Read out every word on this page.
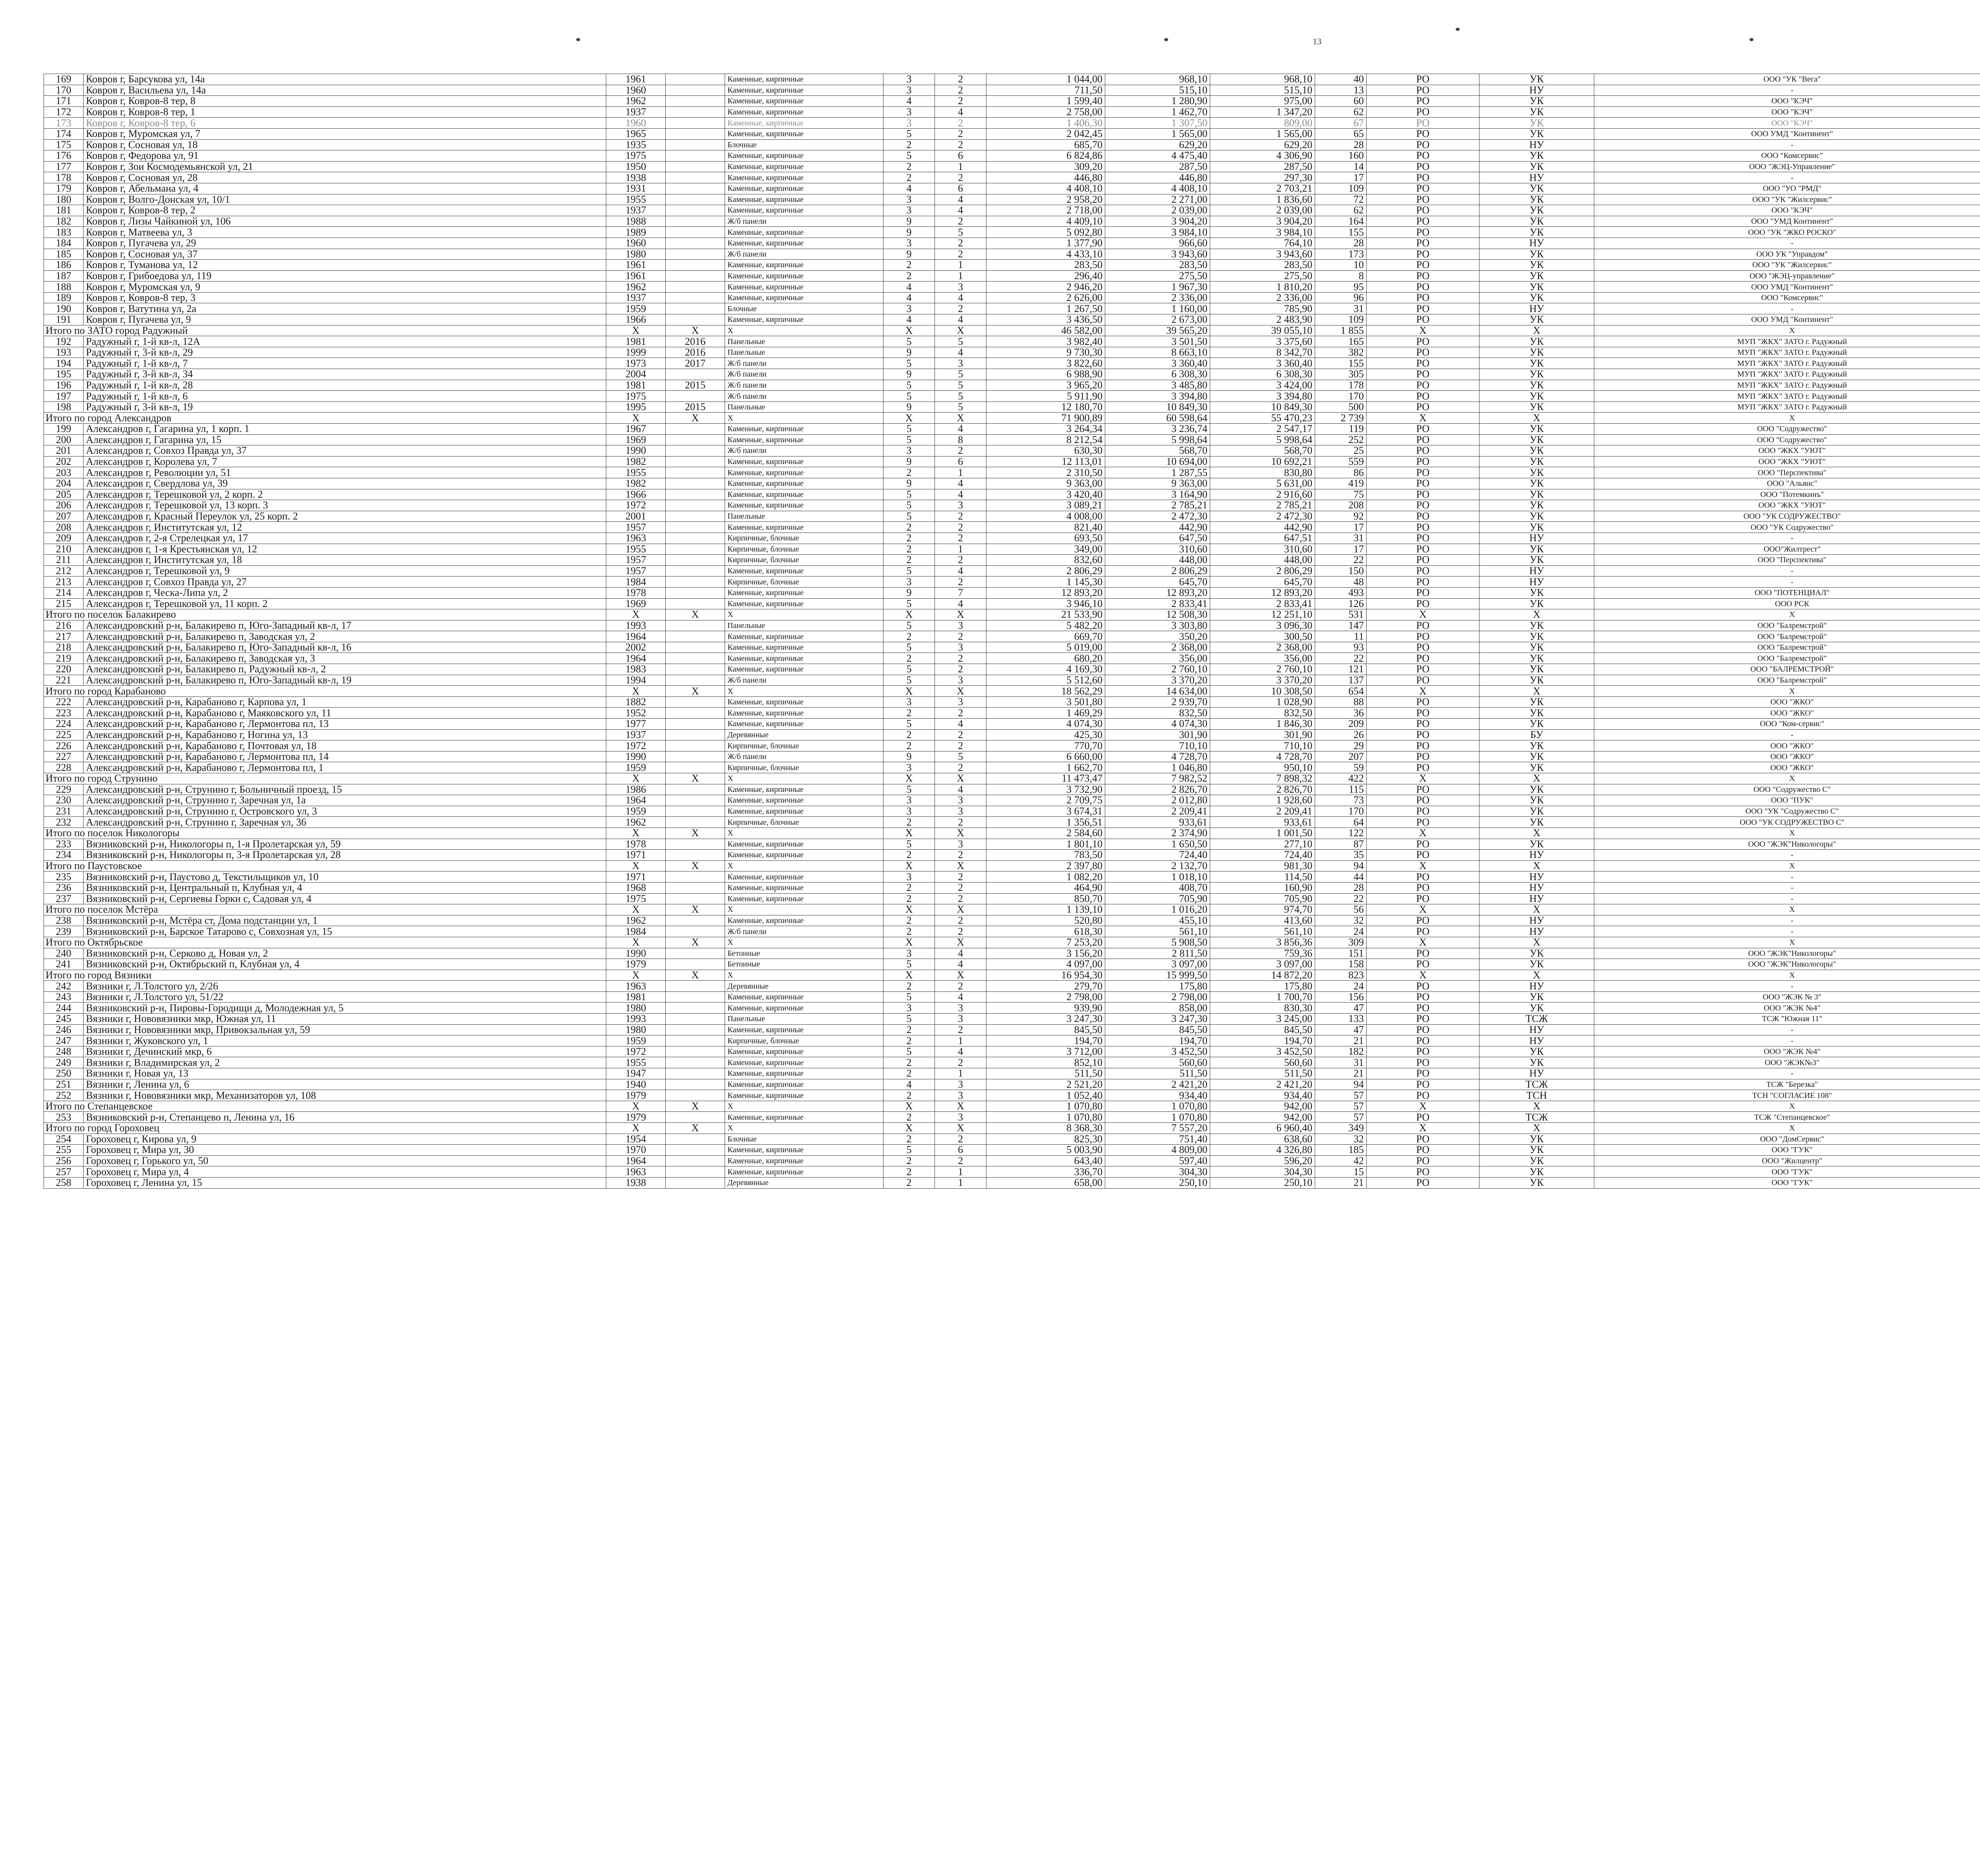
13
169	Ковров г, Барсукова ул, 14а	1961		Каменные, кирпичные	3	2	1 044,00	968,10	968,10	40	РО	УК	ООО "УК "Вега"							
170	Ковров г, Васильева ул, 14а	1960		Каменные, кирпичные	3	2	711,50	515,10	515,10	13	РО	НУ	-							
171	Ковров г, Ковров-8 тер, 8	1962		Каменные, кирпичные	4	2	1 599,40	1 280,90	975,00	60	РО	УК	ООО "КЭЧ"							
172	Ковров г, Ковров-8 тер, 1	1937		Каменные, кирпичные	3	4	2 758,00	1 462,70	1 347,20	62	РО	УК	ООО "КЭЧ"							
173	Ковров г, Ковров-8 тер, 6	1960		Каменные, кирпичные	3	2	1 406,30	1 307,50	809,00	67	РО	УК	ООО "КЭЧ"							
174	Ковров г, Муромская ул, 7	1965		Каменные, кирпичные	5	2	2 042,45	1 565,00	1 565,00	65	РО	УК	ООО УМД "Континент"							
175	Ковров г, Сосновая ул, 18	1935		Блочные	2	2	685,70	629,20	629,20	28	РО	НУ	-							
176	Ковров г, Федорова ул, 91	1975		Каменные, кирпичные	5	6	6 824,86	4 475,40	4 306,90	160	РО	УК	ООО "Комсервис"							
177	Ковров г, Зои Космодемьянской ул, 21	1950		Каменные, кирпичные	2	1	309,20	287,50	287,50	14	РО	УК	ООО "ЖЭЦ-Управление"							
178	Ковров г, Сосновая ул, 28	1938		Каменные, кирпичные	2	2	446,80	446,80	297,30	17	РО	НУ	-							
179	Ковров г, Абельмана ул, 4	1931		Каменные, кирпичные	4	6	4 408,10	4 408,10	2 703,21	109	РО	УК	ООО "УО "РМД"							
180	Ковров г, Волго-Донская ул, 10/1	1955		Каменные, кирпичные	3	4	2 958,20	2 271,00	1 836,60	72	РО	УК	ООО "УК "Жилсервис"							
181	Ковров г, Ковров-8 тер, 2	1937		Каменные, кирпичные	3	4	2 718,00	2 039,00	2 039,00	62	РО	УК	ООО "КЭЧ"							
182	Ковров г, Лизы Чайкиной ул, 106	1988		Ж/б панели	9	2	4 409,10	3 904,20	3 904,20	164	РО	УК	ООО "УМД Континент"							
183	Ковров г, Матвеева ул, 3	1989		Каменные, кирпичные	9	5	5 092,80	3 984,10	3 984,10	155	РО	УК	ООО "УК "ЖКО РОСКО"							
184	Ковров г, Пугачева ул, 29	1960		Каменные, кирпичные	3	2	1 377,90	966,60	764,10	28	РО	НУ	-							
185	Ковров г, Сосновая ул, 37	1980		Ж/б панели	9	2	4 433,10	3 943,60	3 943,60	173	РО	УК	ООО УК "Управдом"							
186	Ковров г, Туманова ул, 12	1961		Каменные, кирпичные	2	1	283,50	283,50	283,50	10	РО	УК	ООО "УК "Жилсервис"							
187	Ковров г, Грибоедова ул, 119	1961		Каменные, кирпичные	2	1	296,40	275,50	275,50	8	РО	УК	ООО "ЖЭЦ-управление"							
188	Ковров г, Муромская ул, 9	1962		Каменные, кирпичные	4	3	2 946,20	1 967,30	1 810,20	95	РО	УК	ООО УМД "Континент"							
189	Ковров г, Ковров-8 тер, 3	1937		Каменные, кирпичные	4	4	2 626,00	2 336,00	2 336,00	96	РО	УК	ООО "Комсервис"							
190	Ковров г, Ватутина ул, 2а	1959		Блочные	3	2	1 267,50	1 160,00	785,90	31	РО	НУ	-							
191	Ковров г, Пугачева ул, 9	1966		Каменные, кирпичные	4	4	3 436,50	2 673,00	2 483,90	109	РО	УК	ООО УМД "Континент"							
Итого по ЗАТО город Радужный		X	X	X	X	X	46 582,00	39 565,20	39 055,10	1 855	X	X	X							
192	Радужный г, 1-й кв-л, 12А	1981	2016	Панельные	5	5	3 982,40	3 501,50	3 375,60	165	РО	УК	МУП "ЖКХ" ЗАТО г. Радужный							
193	Радужный г, 3-й кв-л, 29	1999	2016	Панельные	9	4	9 730,30	8 663,10	8 342,70	382	РО	УК	МУП "ЖКХ" ЗАТО г. Радужный							
194	Радужный г, 1-й кв-л, 7	1973	2017	Ж/б панели	5	3	3 822,60	3 360,40	3 360,40	155	РО	УК	МУП "ЖКХ" ЗАТО г. Радужный							
195	Радужный г, 3-й кв-л, 34	2004		Ж/б панели	9	5	6 988,90	6 308,30	6 308,30	305	РО	УК	МУП "ЖКХ" ЗАТО г. Радужный							
196	Радужный г, 1-й кв-л, 28	1981	2015	Ж/б панели	5	5	3 965,20	3 485,80	3 424,00	178	РО	УК	МУП "ЖКХ" ЗАТО г. Радужный							
197	Радужный г, 1-й кв-л, 6	1975		Ж/б панели	5	5	5 911,90	3 394,80	3 394,80	170	РО	УК	МУП "ЖКХ" ЗАТО г. Радужный							
198	Радужный г, 3-й кв-л, 19	1995	2015	Панельные	9	5	12 180,70	10 849,30	10 849,30	500	РО	УК	МУП "ЖКХ" ЗАТО г. Радужный							
Итого по город Александров		X	X	X	X	X	71 900,89	60 598,64	55 470,23	2 739	X	X	X							
199	Александров г, Гагарина ул, 1 корп. 1	1967		Каменные, кирпичные	5	4	3 264,34	3 236,74	2 547,17	119	РО	УК	ООО "Содружество"							
200	Александров г, Гагарина ул, 15	1969		Каменные, кирпичные	5	8	8 212,54	5 998,64	5 998,64	252	РО	УК	ООО "Содружество"							
201	Александров г, Совхоз Правда ул, 37	1990		Ж/б панели	3	2	630,30	568,70	568,70	25	РО	УК	ООО "ЖКХ "УЮТ"							
202	Александров г, Королева ул, 7	1982		Каменные, кирпичные	9	6	12 113,01	10 694,00	10 692,21	559	РО	УК	ООО "ЖКХ "УЮТ"							
203	Александров г, Революции ул, 51	1955		Каменные, кирпичные	2	1	2 310,50	1 287,55	830,80	86	РО	УК	ООО "Перспектива"							
204	Александров г, Свердлова ул, 39	1982		Каменные, кирпичные	9	4	9 363,00	9 363,00	5 631,00	419	РО	УК	ООО "Альянс"							
205	Александров г, Терешковой ул, 2 корп. 2	1966		Каменные, кирпичные	5	4	3 420,40	3 164,90	2 916,60	75	РО	УК	ООО "Потемкинъ"							
206	Александров г, Терешковой ул, 13 корп. 3	1972		Каменные, кирпичные	5	3	3 089,21	2 785,21	2 785,21	208	РО	УК	ООО "ЖКХ "УЮТ"							
207	Александров г, Красный Переулок ул, 25 корп. 2	2001		Панельные	5	2	4 008,00	2 472,30	2 472,30	92	РО	УК	ООО "УК СОДРУЖЕСТВО"							
208	Александров г, Институтская ул, 12	1957		Каменные, кирпичные	2	2	821,40	442,90	442,90	17	РО	УК	ООО "УК Содружество"							
209	Александров г, 2-я Стрелецкая ул, 17	1963		Кирпичные, блочные	2	2	693,50	647,50	647,51	31	РО	НУ	-							
210	Александров г, 1-я Крестьянская ул, 12	1955		Кирпичные, блочные	2	1	349,00	310,60	310,60	17	РО	УК	ООО"Жилтрест"							
211	Александров г, Институтская ул, 18	1957		Кирпичные, блочные	2	2	832,60	448,00	448,00	22	РО	УК	ООО "Перспектива"							
212	Александров г, Терешковой ул, 9	1957		Каменные, кирпичные	5	4	2 806,29	2 806,29	2 806,29	150	РО	НУ	-							
213	Александров г, Совхоз Правда ул, 27	1984		Кирпичные, блочные	3	2	1 145,30	645,70	645,70	48	РО	НУ	-							
214	Александров г, Ческа-Липа ул, 2	1978		Каменные, кирпичные	9	7	12 893,20	12 893,20	12 893,20	493	РО	УК	ООО "ПОТЕНЦИАЛ"							
215	Александров г, Терешковой ул, 11 корп. 2	1969		Каменные, кирпичные	5	4	3 946,10	2 833,41	2 833,41	126	РО	УК	ООО РСК							
Итого по поселок Балакирево		X	X	X	X	X	21 533,90	12 508,30	12 251,10	531	X	X	X							
216	Александровский р-н, Балакирево п, Юго-Западный кв-л, 17	1993		Панельные	5	3	5 482,20	3 303,80	3 096,30	147	РО	УК	ООО "Балремстрой"							
217	Александровский р-н, Балакирево п, Заводская ул, 2	1964		Каменные, кирпичные	2	2	669,70	350,20	300,50	11	РО	УК	ООО "Балремстрой"							
218	Александровский р-н, Балакирево п, Юго-Западный кв-л, 16	2002		Каменные, кирпичные	5	3	5 019,00	2 368,00	2 368,00	93	РО	УК	ООО "Балремстрой"							
219	Александровский р-н, Балакирево п, Заводская ул, 3	1964		Каменные, кирпичные	2	2	680,20	356,00	356,00	22	РО	УК	ООО "Балремстрой"							
220	Александровский р-н, Балакирево п, Радужный кв-л, 2	1983		Каменные, кирпичные	5	2	4 169,30	2 760,10	2 760,10	121	РО	УК	ООО "БАЛРЕМСТРОЙ"							
221	Александровский р-н, Балакирево п, Юго-Западный кв-л, 19	1994		Ж/б панели	5	3	5 512,60	3 370,20	3 370,20	137	РО	УК	ООО "Балремстрой"							
Итого по город Карабаново		X	X	X	X	X	18 562,29	14 634,00	10 308,50	654	X	X	X							
222	Александровский р-н, Карабаново г, Карпова ул, 1	1882		Каменные, кирпичные	3	3	3 501,80	2 939,70	1 028,90	88	РО	УК	ООО "ЖКО"							
223	Александровский р-н, Карабаново г, Маяковского ул, 11	1952		Каменные, кирпичные	2	2	1 469,29	832,50	832,50	36	РО	УК	ООО "ЖКО"							
224	Александровский р-н, Карабаново г, Лермонтова пл, 13	1977		Каменные, кирпичные	5	4	4 074,30	4 074,30	1 846,30	209	РО	УК	ООО "Ком-сервис"							
225	Александровский р-н, Карабаново г, Ногина ул, 13	1937		Деревянные	2	2	425,30	301,90	301,90	26	РО	БУ	-							
226	Александровский р-н, Карабаново г, Почтовая ул, 18	1972		Кирпичные, блочные	2	2	770,70	710,10	710,10	29	РО	УК	ООО "ЖКО"							
227	Александровский р-н, Карабаново г, Лермонтова пл, 14	1990		Ж/б панели	9	5	6 660,00	4 728,70	4 728,70	207	РО	УК	ООО "ЖКО"							
228	Александровский р-н, Карабаново г, Лермонтова пл, 1	1959		Кирпичные, блочные	3	2	1 662,70	1 046,80	950,10	59	РО	УК	ООО "ЖКО"							
Итого по город Струнино		X	X	X	X	X	11 473,47	7 982,52	7 898,32	422	X	X	X							
229	Александровский р-н, Струнино г, Больничный проезд, 15	1986		Каменные, кирпичные	5	4	3 732,90	2 826,70	2 826,70	115	РО	УК	ООО "Содружество С"							
230	Александровский р-н, Струнино г, Заречная ул, 1а	1964		Каменные, кирпичные	3	3	2 709,75	2 012,80	1 928,60	73	РО	УК	ООО "ПУК"							
231	Александровский р-н, Струнино г, Островского ул, 3	1959		Каменные, кирпичные	3	3	3 674,31	2 209,41	2 209,41	170	РО	УК	ООО "УК "Содружество С"							
232	Александровский р-н, Струнино г, Заречная ул, 36	1962		Кирпичные, блочные	2	2	1 356,51	933,61	933,61	64	РО	УК	ООО "УК СОДРУЖЕСТВО С"							
Итого по поселок Никологоры		X	X	X	X	X	2 584,60	2 374,90	1 001,50	122	X	X	X							
233	Вязниковский р-н, Никологоры п, 1-я Пролетарская ул, 59	1978		Каменные, кирпичные	5	3	1 801,10	1 650,50	277,10	87	РО	УК	ООО "ЖЭК"Никологоры"							
234	Вязниковский р-н, Никологоры п, 3-я Пролетарская ул, 28	1971		Каменные, кирпичные	2	2	783,50	724,40	724,40	35	РО	НУ	-							
Итого по Паустовское		X	X	X	X	X	2 397,80	2 132,70	981,30	94	X	X	X							
235	Вязниковский р-н, Паустово д, Текстильщиков ул, 10	1971		Каменные, кирпичные	3	2	1 082,20	1 018,10	114,50	44	РО	НУ	-							
236	Вязниковский р-н, Центральный п, Клубная ул, 4	1968		Каменные, кирпичные	2	2	464,90	408,70	160,90	28	РО	НУ	-							
237	Вязниковский р-н, Сергиевы Горки с, Садовая ул, 4	1975		Каменные, кирпичные	2	2	850,70	705,90	705,90	22	РО	НУ	-							
Итого по поселок Мстёра		X	X	X	X	X	1 139,10	1 016,20	974,70	56	X	X	X							
238	Вязниковский р-н, Мстёра ст, Дома подстанции ул, 1	1962		Каменные, кирпичные	2	2	520,80	455,10	413,60	32	РО	НУ	-							
239	Вязниковский р-н, Барское Татарово с, Совхозная ул, 15	1984		Ж/б панели	2	2	618,30	561,10	561,10	24	РО	НУ	-							
Итого по Октябрьское		X	X	X	X	X	7 253,20	5 908,50	3 856,36	309	X	X	X							
240	Вязниковский р-н, Серково д, Новая ул, 2	1990		Бетонные	3	4	3 156,20	2 811,50	759,36	151	РО	УК	ООО "ЖЭК"Никологоры"							
241	Вязниковский р-н, Октябрьский п, Клубная ул, 4	1979		Бетонные	5	4	4 097,00	3 097,00	3 097,00	158	РО	УК	ООО "ЖЭК"Никологоры"							
Итого по город Вязники		X	X	X	X	X	16 954,30	15 999,50	14 872,20	823	X	X	X							
242	Вязники г, Л.Толстого ул, 2/26	1963		Деревянные	2	2	279,70	175,80	175,80	24	РО	НУ	-							
243	Вязники г, Л.Толстого ул, 51/22	1981		Каменные, кирпичные	5	4	2 798,00	2 798,00	1 700,70	156	РО	УК	ООО "ЖЭК № 3"							
244	Вязниковский р-н, Пировы-Городищи д, Молодежная ул, 5	1980		Каменные, кирпичные	3	3	939,90	858,00	830,30	47	РО	УК	ООО "ЖЭК №4"							
245	Вязники г, Нововязники мкр, Южная ул, 11	1993		Панельные	5	3	3 247,30	3 247,30	3 245,00	133	РО	ТСЖ	ТСЖ "Южная 11"							
246	Вязники г, Нововязники мкр, Привокзальная ул, 59	1980		Каменные, кирпичные	2	2	845,50	845,50	845,50	47	РО	НУ	-							
247	Вязники г, Жуковского ул, 1	1959		Кирпичные, блочные	2	1	194,70	194,70	194,70	21	РО	НУ	-							
248	Вязники г, Дечинский мкр, 6	1972		Каменные, кирпичные	5	4	3 712,00	3 452,50	3 452,50	182	РО	УК	ООО "ЖЭК №4"							
249	Вязники г, Владимирская ул, 2	1955		Каменные, кирпичные	2	2	852,10	560,60	560,60	31	РО	УК	ООО "ЖЭК№3"							
250	Вязники г, Новая ул, 13	1947		Каменные, кирпичные	2	1	511,50	511,50	511,50	21	РО	НУ	-							
251	Вязники г, Ленина ул, 6	1940		Каменные, кирпичные	4	3	2 521,20	2 421,20	2 421,20	94	РО	ТСЖ	ТСЖ "Березка"							
252	Вязники г, Нововязники мкр, Механизаторов ул, 108	1979		Каменные, кирпичные	2	3	1 052,40	934,40	934,40	57	РО	ТСН	ТСН "СОГЛАСИЕ 108"							
Итого по Степанцевское		X	X	X	X	X	1 070,80	1 070,80	942,00	57	X	X	X							
253	Вязниковский р-н, Степанцево п, Ленина ул, 16	1979		Каменные, кирпичные	2	3	1 070,80	1 070,80	942,00	57	РО	ТСЖ	ТСЖ "Степанцевское"							
Итого по город Гороховец		X	X	X	X	X	8 368,30	7 557,20	6 960,40	349	X	X	X							
254	Гороховец г, Кирова ул, 9	1954		Блочные	2	2	825,30	751,40	638,60	32	РО	УК	ООО "ДомСервис"							
255	Гороховец г, Мира ул, 30	1970		Каменные, кирпичные	5	6	5 003,90	4 809,00	4 326,80	185	РО	УК	ООО "ГУК"							
256	Гороховец г, Горького ул, 50	1964		Каменные, кирпичные	2	2	643,40	597,40	596,20	42	РО	УК	ООО "Жилцентр"							
257	Гороховец г, Мира ул, 4	1963		Каменные, кирпичные	2	1	336,70	304,30	304,30	15	РО	УК	ООО "ГУК"							
258	Гороховец г, Ленина ул, 15	1938		Деревянные	2	1	658,00	250,10	250,10	21	РО	УК	ООО "ГУК"							
